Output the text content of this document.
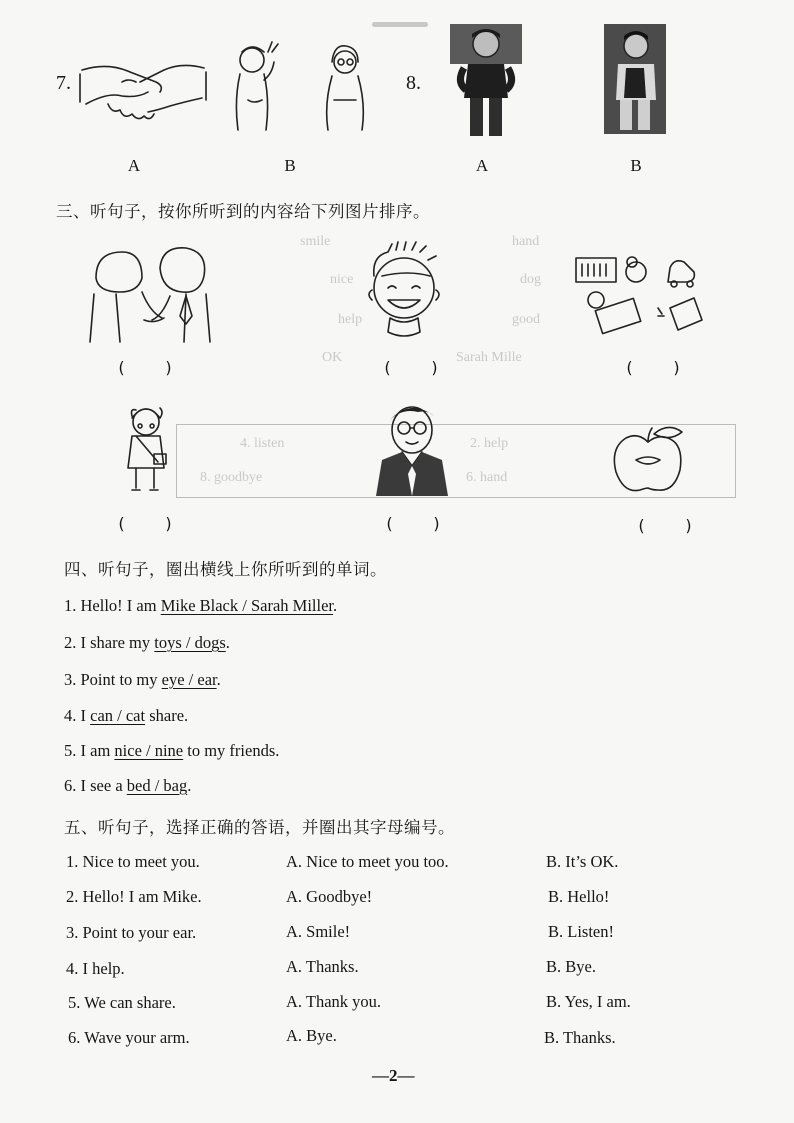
smile	hand
nice	dog
help	good
OK	Sarah Mille
2. help
6. hand
4. listen
8. goodbye
7.
A	B
8.
A	B
三、听句子，按你所听到的内容给下列图片排序。
(        )	(        )	(        )
(        )	(        )	(        )
四、听句子，圈出横线上你所听到的单词。
1. Hello! I am Mike Black / Sarah Miller.
2. I share my toys / dogs.
3. Point to my eye / ear.
4. I can / cat share.
5. I am nice / nine to my friends.
6. I see a bed / bag.
五、听句子，选择正确的答语，并圈出其字母编号。
1. Nice to meet you.	A. Nice to meet you too.	B. It’s OK.
2. Hello! I am Mike.	A. Goodbye!	B. Hello!
3. Point to your ear.	A. Smile!	B. Listen!
4. I help.	A. Thanks.	B. Bye.
5. We can share.	A. Thank you.	B. Yes, I am.
6. Wave your arm.	A. Bye.	B. Thanks.
—2—
